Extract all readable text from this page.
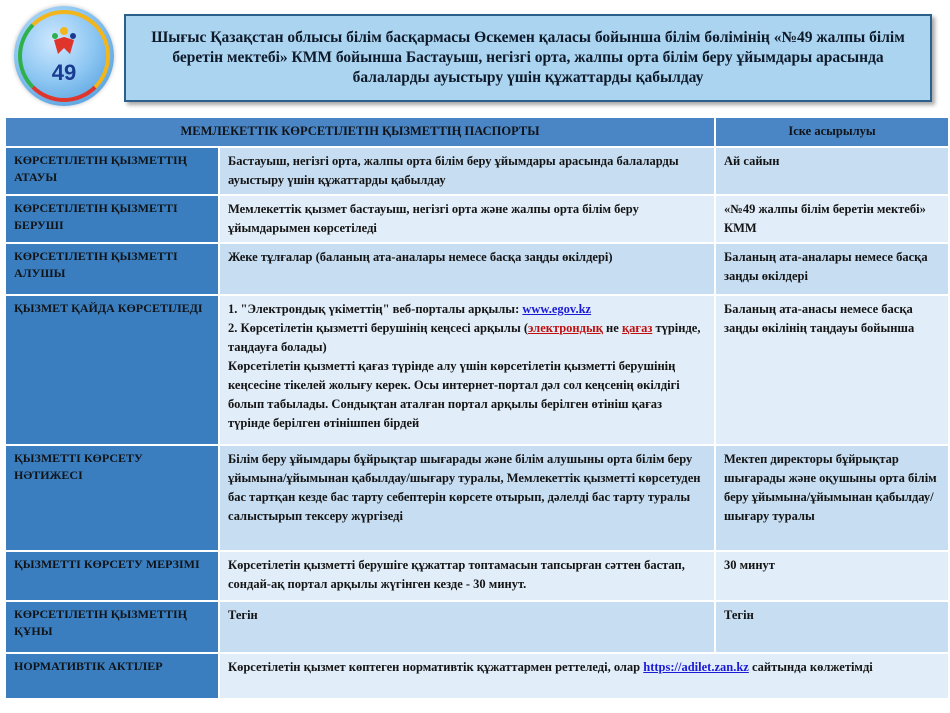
49
Шығыс Қазақстан облысы білім басқармасы Өскемен қаласы бойынша білім бөлімінің «№49 жалпы білім беретін мектебі» КММ бойынша Бастауыш, негізгі орта, жалпы орта білім беру ұйымдары арасында балаларды ауыстыру үшін құжаттарды қабылдау
МЕМЛЕКЕТТІК КӨРСЕТІЛЕТІН ҚЫЗМЕТТІҢ ПАСПОРТЫ		Іске асырылуы
КӨРСЕТІЛЕТІН ҚЫЗМЕТТІҢ АТАУЫ	Бастауыш, негізгі орта, жалпы орта білім беру ұйымдары арасында балаларды ауыстыру үшін құжаттарды қабылдау	Ай сайын
КӨРСЕТІЛЕТІН ҚЫЗМЕТТІ БЕРУШІ	Мемлекеттік қызмет бастауыш, негізгі орта және жалпы орта білім беру ұйымдарымен көрсетіледі	«№49 жалпы білім беретін мектебі» КММ
КӨРСЕТІЛЕТІН ҚЫЗМЕТТІ АЛУШЫ	Жеке тұлғалар (баланың ата-аналары немесе басқа заңды өкілдері)	Баланың ата-аналары немесе басқа заңды өкілдері
ҚЫЗМЕТ ҚАЙДА КӨРСЕТІЛЕДІ	1. "Электрондық үкіметтің" веб-порталы арқылы: www.egov.kz
2. Көрсетілетін қызметті берушінің кеңсесі арқылы (электрондық не қағаз түрінде, таңдауға болады)
Көрсетілетін қызметті қағаз түрінде алу үшін көрсетілетін қызметті берушінің кеңсесіне тікелей жолығу керек. Осы интернет-портал дәл сол кеңсенің өкілдігі болып табылады. Сондықтан аталған портал арқылы берілген өтініш қағаз түрінде берілген өтінішпен бірдей	Баланың ата-анасы немесе басқа заңды өкілінің таңдауы бойынша
ҚЫЗМЕТТІ КӨРСЕТУ НӘТИЖЕСІ	Білім беру ұйымдары бұйрықтар шығарады және білім алушыны орта білім беру ұйымына/ұйымынан қабылдау/шығару туралы, Мемлекеттік қызметті көрсетуден бас тартқан кезде бас тарту себептерін көрсете отырып, дәлелді бас тарту туралы салыстырып тексеру жүргізеді	Мектеп директоры бұйрықтар шығарады және оқушыны орта білім беру ұйымына/ұйымынан қабылдау/шығару туралы
ҚЫЗМЕТТІ КӨРСЕТУ МЕРЗІМІ	Көрсетілетін қызметті берушіге құжаттар топтамасын тапсырған сәттен бастап, сондай-ақ портал арқылы жүгінген кезде - 30 минут.	30 минут
КӨРСЕТІЛЕТІН ҚЫЗМЕТТІҢ ҚҰНЫ	Тегін	Тегін
НОРМАТИВТІК АКТІЛЕР	Көрсетілетін қызмет көптеген нормативтік құжаттармен реттеледі, олар https://adilet.zan.kz сайтында көлжетімді	
